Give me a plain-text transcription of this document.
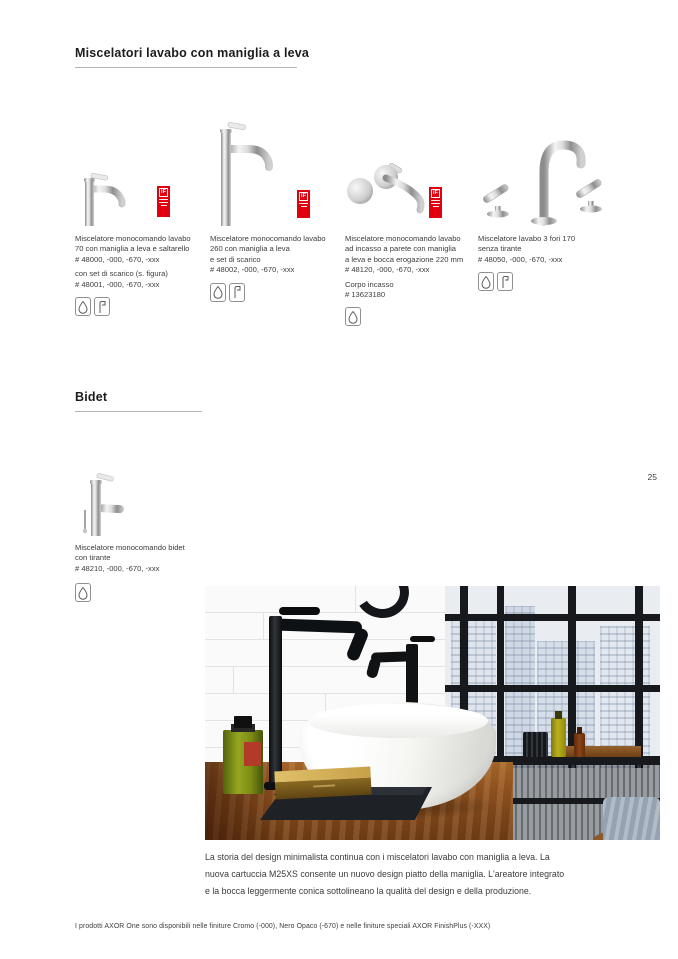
Miscelatori lavabo con maniglia a leva
iF
iF	iF
Miscelatore monocomando lavabo
70 con maniglia a leva e saltarello
# 48000, -000, -670, -xxx
con set di scarico (s. figura)
# 48001, -000, -670, -xxx
Miscelatore monocomando lavabo
260 con maniglia a leva
e set di scarico
# 48002, -000, -670, -xxx
Miscelatore monocomando lavabo
ad incasso a parete con maniglia
a leva e bocca erogazione 220 mm
# 48120, -000, -670, -xxx
Corpo incasso
# 13623180
Miscelatore lavabo 3 fori 170
senza tirante
# 48050, -000, -670, -xxx
Bidet
Miscelatore monocomando bidet
con tirante
# 48210, -000, -670, -xxx
25
La storia del design minimalista continua con i miscelatori lavabo con maniglia a leva. La
nuova cartuccia M25XS consente un nuovo design piatto della maniglia. L'areatore integrato
e la bocca leggermente conica sottolineano la qualità del design e della produzione.
I prodotti AXOR One sono disponibili nelle finiture Cromo (-000), Nero Opaco (-670) e nelle finiture speciali AXOR FinishPlus (-XXX)
